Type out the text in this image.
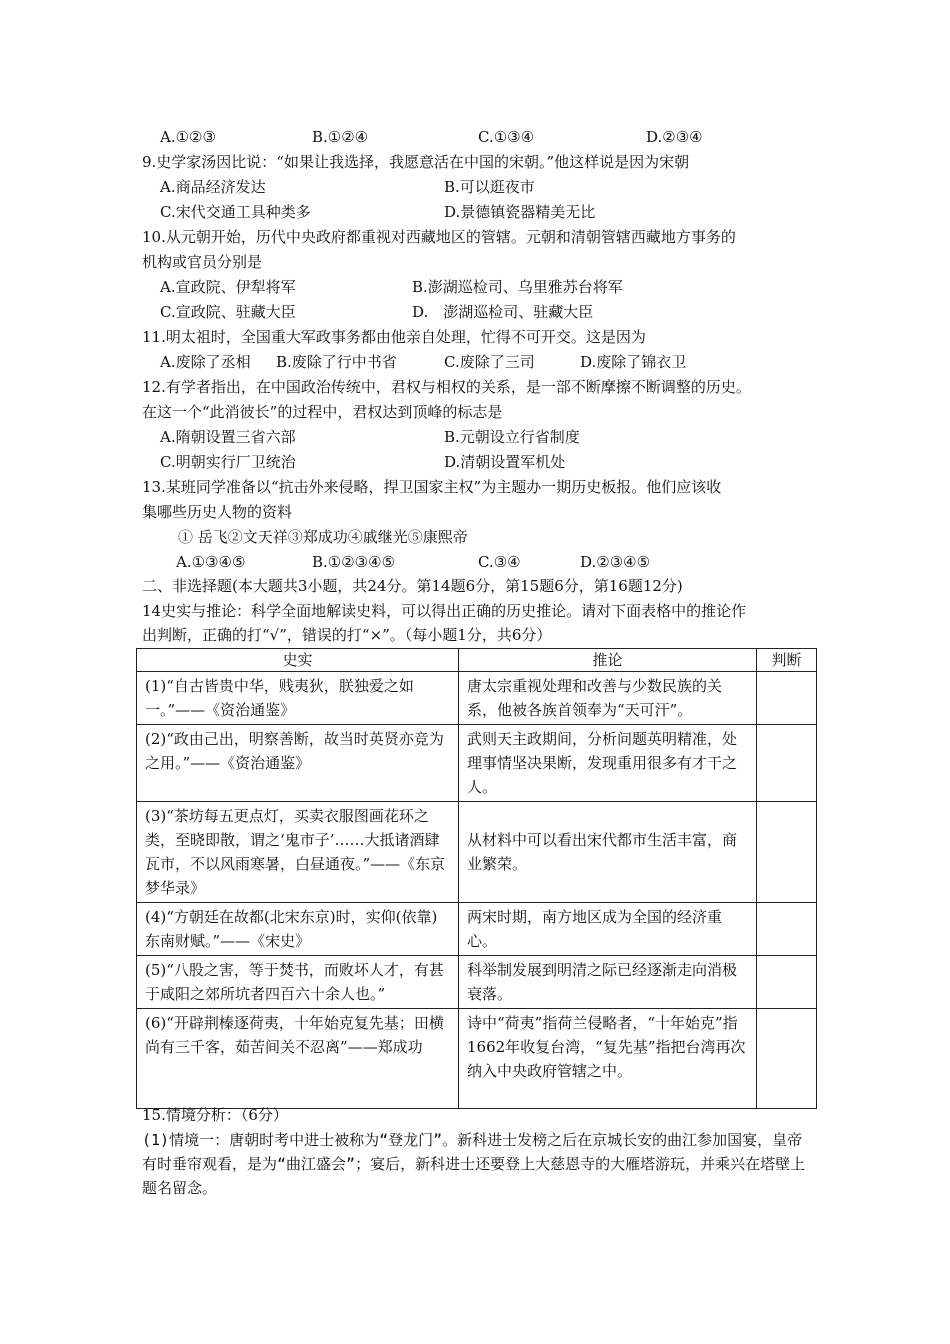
A.①②③	B.①②④	C.①③④	D.②③④
9.史学家汤因比说：“如果让我选择，我愿意活在中国的宋朝。”他这样说是因为宋朝
A.商品经济发达	B.可以逛夜市
C.宋代交通工具种类多	D.景德镇瓷器精美无比
10.从元朝开始，历代中央政府都重视对西藏地区的管辖。元朝和清朝管辖西藏地方事务的
机构或官员分别是
A.宣政院、伊犁将军	B.澎湖巡检司、乌里雅苏台将军
C.宣政院、驻藏大臣	D.　澎湖巡检司、驻藏大臣
11.明太祖时，全国重大军政事务都由他亲自处理，忙得不可开交。这是因为
A.废除了丞相 B.废除了行中书省	C.废除了三司	D.废除了锦衣卫
12.有学者指出，在中国政治传统中，君权与相权的关系，是一部不断摩擦不断调整的历史。
在这一个“此消彼长”的过程中，君权达到顶峰的标志是
A.隋朝设置三省六部	B.元朝设立行省制度
C.明朝实行厂卫统治	D.清朝设置军机处
13.某班同学准备以“抗击外来侵略，捍卫国家主权”为主题办一期历史板报。他们应该收
集哪些历史人物的资料
① 岳飞②文天祥③郑成功④戚继光⑤康熙帝
A.①③④⑤	B.①②③④⑤	C.③④	D.②③④⑤
二、非选择题(本大题共3小题，共24分。第14题6分，第15题6分，第16题12分)
14史实与推论：科学全面地解读史料，可以得出正确的历史推论。请对下面表格中的推论作
出判断，正确的打“√”，错误的打“×”。（每小题1分，共6分）
史实	推论	判断
(1)“自古皆贵中华，贱夷狄，朕独爱之如一。”——《资治通鉴》	唐太宗重视处理和改善与少数民族的关系，他被各族首领奉为“天可汗”。	
(2)“政由己出，明察善断，故当时英贤亦竞为之用。”——《资治通鉴》	武则天主政期间，分析问题英明精准，处理事情坚决果断，发现重用很多有才干之人。	
(3)“茶坊每五更点灯，买卖衣服图画花环之类，至晓即散，谓之‘鬼市子’……大抵诸酒肆瓦市，不以风雨寒暑，白昼通夜。”——《东京梦华录》	从材料中可以看出宋代都市生活丰富，商业繁荣。	
(4)“方朝廷在故都(北宋东京)时，实仰(依靠)东南财赋。”——《宋史》	两宋时期，南方地区成为全国的经济重心。	
(5)“八股之害，等于焚书，而败坏人才，有甚于咸阳之郊所坑者四百六十余人也。”	科举制发展到明清之际已经逐渐走向消极衰落。	
(6)“开辟荆榛逐荷夷，十年始克复先基；田横尚有三千客，茹苦间关不忍离”——郑成功	诗中“荷夷”指荷兰侵略者，“十年始克”指1662年收复台湾，“复先基”指把台湾再次纳入中央政府管辖之中。	
15.情境分析：（6分）
(1)情境一：唐朝时考中进士被称为“登龙门”。新科进士发榜之后在京城长安的曲江参加国宴，皇帝有时垂帘观看，是为“曲江盛会”；宴后，新科进士还要登上大慈恩寺的大雁塔游玩，并乘兴在塔壁上题名留念。
